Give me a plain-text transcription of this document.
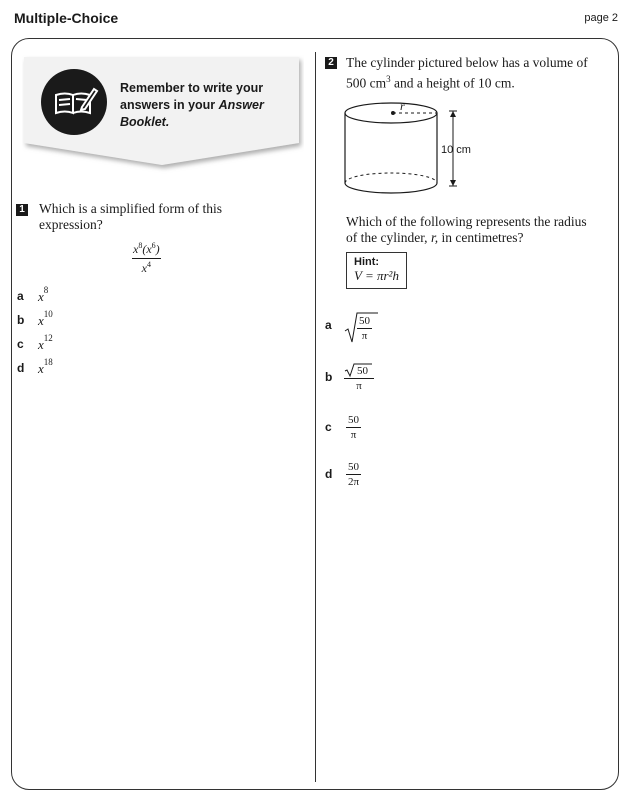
Multiple-Choice	page 2
Remember to write your
answers in your Answer
Booklet.
1 Which is a simplified form of this expression?
$\frac{x^8(x^6)}{x^4}$
a $x^8$
b $x^{10}$
c $x^{12}$
d $x^{18}$
2 The cylinder pictured below has a volume of 500 $cm^3$ and a height of 10 cm.
r
10 cm
Which of the following represents the radius of the cylinder, r, in centimetres?
Hint:
V = πr²h
a $\frac{50}{\pi}$
b $\frac{50}{\pi}$
c $\frac{50}{\pi}$
d $\frac{50}{2\pi}$
